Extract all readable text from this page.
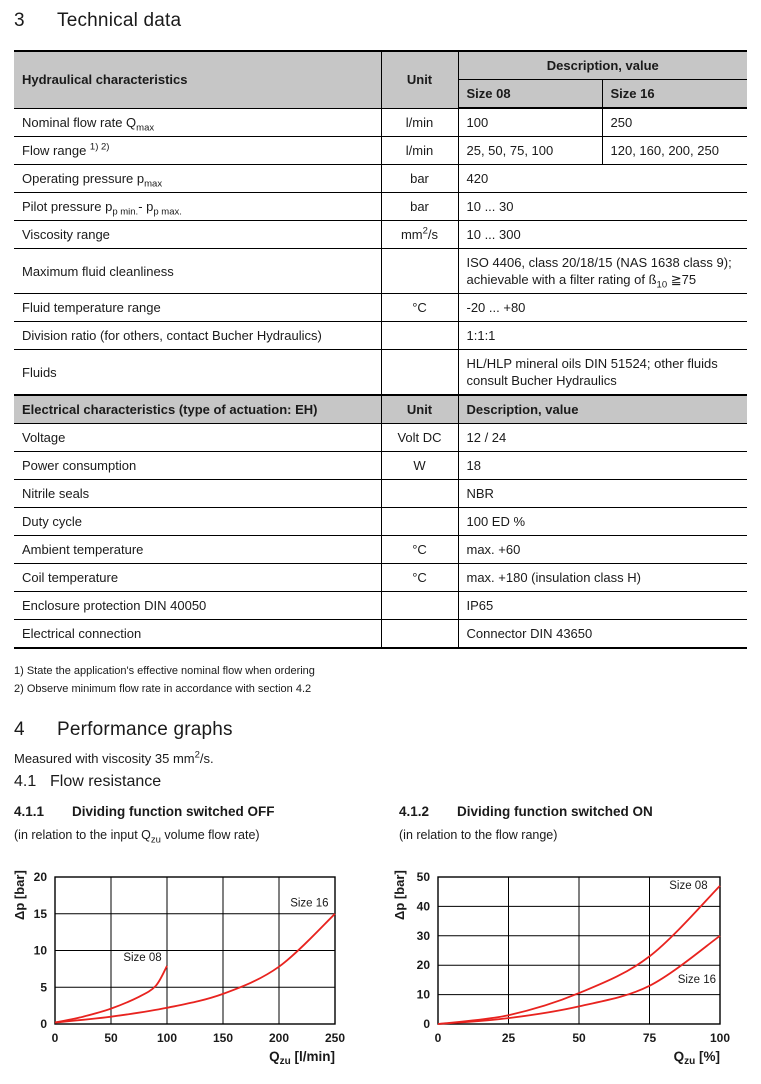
3	Technical data
Hydraulical characteristics	Unit	Description, value	
		Size 08	Size 16
Nominal flow rate $Q_{max}$	l/min	100	250
Flow range $^{1) 2)}$	l/min	25, 50, 75, 100	120, 160, 200, 250
Operating pressure $p_{max}$	bar	420	
Pilot pressure $p_{p min.}-$ $p_{p max.}$	bar	10 ... 30	
Viscosity range	$mm^2/s$	10 ... 300	
Maximum fluid cleanliness		ISO 4406, class 20/18/15 (NAS 1638 class 9); achievable with a filter rating of $ß_{10}$ ≧75	
Fluid temperature range	°C	-20 ... +80	
Division ratio (for others, contact Bucher Hydraulics)		1:1:1	
Fluids		HL/HLP mineral oils DIN 51524; other fluids consult Bucher Hydraulics	
Electrical characteristics (type of actuation: EH)	Unit	Description, value	
Voltage	Volt DC	12 / 24	
Power consumption	W	18	
Nitrile seals		NBR	
Duty cycle		100 ED %	
Ambient temperature	°C	max. +60	
Coil temperature	°C	max. +180 (insulation class H)	
Enclosure protection DIN 40050		IP65	
Electrical connection		Connector DIN 43650	
1) State the application's effective nominal flow when ordering
2) Observe minimum flow rate in accordance with section 4.2
4	Performance graphs
Measured with viscosity 35 $mm^2/s$.
4.1 Flow resistance
4.1.1	Dividing function switched OFF
(in relation to the input $Q_{zu}$ volume flow rate)
4.1.2	Dividing function switched ON
(in relation to the flow range)
0	50	100	150	200	250
0
5
10
15
20
$Q_{zu}$ [l/min]
Δp [bar]
Size 08
Size 16
0	25	50	75	100
0
10
20
30
40
50
$Q_{zu}$ [%]
Δp [bar]	Size 08
Size 16
